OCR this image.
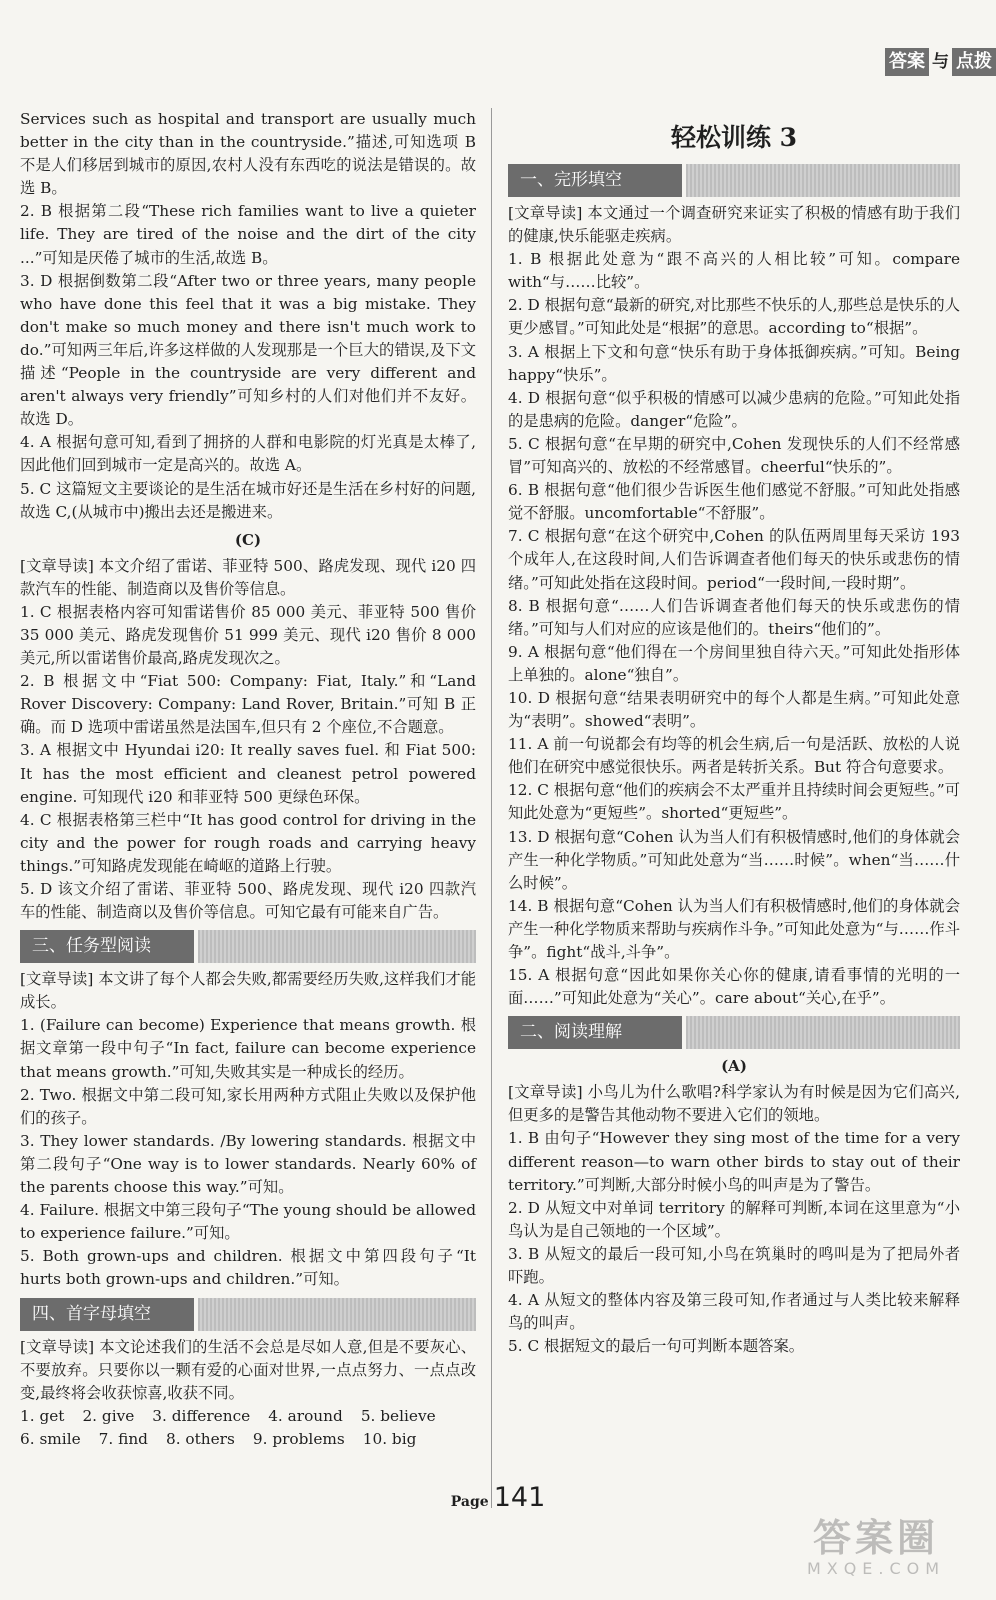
答案 与 点拨

Services such as hospital and transport are usually much better in the city than in the countryside.”描述,可知选项 B 不是人们移居到城市的原因,农村人没有东西吃的说法是错误的。故选 B。

2. B 根据第二段“These rich families want to live a quieter life. They are tired of the noise and the dirt of the city ...”可知是厌倦了城市的生活,故选 B。

3. D 根据倒数第二段“After two or three years, many people who have done this feel that it was a big mistake. They don't make so much money and there isn't much work to do.”可知两三年后,许多这样做的人发现那是一个巨大的错误,及下文描述“People in the countryside are very different and aren't always very friendly”可知乡村的人们对他们并不友好。故选 D。

4. A 根据句意可知,看到了拥挤的人群和电影院的灯光真是太棒了,因此他们回到城市一定是高兴的。故选 A。

5. C 这篇短文主要谈论的是生活在城市好还是生活在乡村好的问题,故选 C,(从城市中)搬出去还是搬进来。

(C)

[文章导读] 本文介绍了雷诺、菲亚特 500、路虎发现、现代 i20 四款汽车的性能、制造商以及售价等信息。

1. C 根据表格内容可知雷诺售价 85 000 美元、菲亚特 500 售价 35 000 美元、路虎发现售价 51 999 美元、现代 i20 售价 8 000 美元,所以雷诺售价最高,路虎发现次之。

2. B 根据文中“Fiat 500: Company: Fiat, Italy.”和“Land Rover Discovery: Company: Land Rover, Britain.”可知 B 正确。而 D 选项中雷诺虽然是法国车,但只有 2 个座位,不合题意。

3. A 根据文中 Hyundai i20: It really saves fuel. 和 Fiat 500: It has the most efficient and cleanest petrol powered engine. 可知现代 i20 和菲亚特 500 更绿色环保。

4. C 根据表格第三栏中“It has good control for driving in the city and the power for rough roads and carrying heavy things.”可知路虎发现能在崎岖的道路上行驶。

5. D 该文介绍了雷诺、菲亚特 500、路虎发现、现代 i20 四款汽车的性能、制造商以及售价等信息。可知它最有可能来自广告。

三、任务型阅读

[文章导读] 本文讲了每个人都会失败,都需要经历失败,这样我们才能成长。

1. (Failure can become) Experience that means growth. 根据文章第一段中句子“In fact, failure can become experience that means growth.”可知,失败其实是一种成长的经历。

2. Two. 根据文中第二段可知,家长用两种方式阻止失败以及保护他们的孩子。

3. They lower standards. /By lowering standards. 根据文中第二段句子“One way is to lower standards. Nearly 60% of the parents choose this way.”可知。

4. Failure. 根据文中第三段句子“The young should be allowed to experience failure.”可知。

5. Both grown-ups and children. 根据文中第四段句子“It hurts both grown-ups and children.”可知。

四、首字母填空

[文章导读] 本文论述我们的生活不会总是尽如人意,但是不要灰心、不要放弃。只要你以一颗有爱的心面对世界,一点点努力、一点点改变,最终将会收获惊喜,收获不同。

1. get 2. give 3. difference 4. around 5. believe
6. smile 7. find 8. others 9. problems 10. big
轻松训练 3
一、完形填空

[文章导读] 本文通过一个调查研究来证实了积极的情感有助于我们的健康,快乐能驱走疾病。

1. B 根据此处意为“跟不高兴的人相比较”可知。compare with“与……比较”。

2. D 根据句意“最新的研究,对比那些不快乐的人,那些总是快乐的人更少感冒。”可知此处是“根据”的意思。according to“根据”。

3. A 根据上下文和句意“快乐有助于身体抵御疾病。”可知。Being happy“快乐”。

4. D 根据句意“似乎积极的情感可以减少患病的危险。”可知此处指的是患病的危险。danger“危险”。

5. C 根据句意“在早期的研究中,Cohen 发现快乐的人们不经常感冒”可知高兴的、放松的不经常感冒。cheerful“快乐的”。

6. B 根据句意“他们很少告诉医生他们感觉不舒服。”可知此处指感觉不舒服。uncomfortable“不舒服”。

7. C 根据句意“在这个研究中,Cohen 的队伍两周里每天采访 193 个成年人,在这段时间,人们告诉调查者他们每天的快乐或悲伤的情绪。”可知此处指在这段时间。period“一段时间,一段时期”。

8. B 根据句意“……人们告诉调查者他们每天的快乐或悲伤的情绪。”可知与人们对应的应该是他们的。theirs“他们的”。

9. A 根据句意“他们得在一个房间里独自待六天。”可知此处指形体上单独的。alone“独自”。

10. D 根据句意“结果表明研究中的每个人都是生病。”可知此处意为“表明”。showed“表明”。

11. A 前一句说都会有均等的机会生病,后一句是活跃、放松的人说他们在研究中感觉很快乐。两者是转折关系。But 符合句意要求。

12. C 根据句意“他们的疾病会不太严重并且持续时间会更短些。”可知此处意为“更短些”。shorted“更短些”。

13. D 根据句意“Cohen 认为当人们有积极情感时,他们的身体就会产生一种化学物质。”可知此处意为“当……时候”。when“当……什么时候”。

14. B 根据句意“Cohen 认为当人们有积极情感时,他们的身体就会产生一种化学物质来帮助与疾病作斗争。”可知此处意为“与……作斗争”。fight“战斗,斗争”。

15. A 根据句意“因此如果你关心你的健康,请看事情的光明的一面……”可知此处意为“关心”。care about“关心,在乎”。

二、阅读理解
(A)

[文章导读] 小鸟儿为什么歌唱?科学家认为有时候是因为它们高兴,但更多的是警告其他动物不要进入它们的领地。

1. B 由句子“However they sing most of the time for a very different reason—to warn other birds to stay out of their territory.”可判断,大部分时候小鸟的叫声是为了警告。

2. D 从短文中对单词 territory 的解释可判断,本词在这里意为“小鸟认为是自己领地的一个区域”。

3. B 从短文的最后一段可知,小鸟在筑巢时的鸣叫是为了把局外者吓跑。

4. A 从短文的整体内容及第三段可知,作者通过与人类比较来解释鸟的叫声。

5. C 根据短文的最后一句可判断本题答案。

Page 141
答案圈
MXQE.COM
